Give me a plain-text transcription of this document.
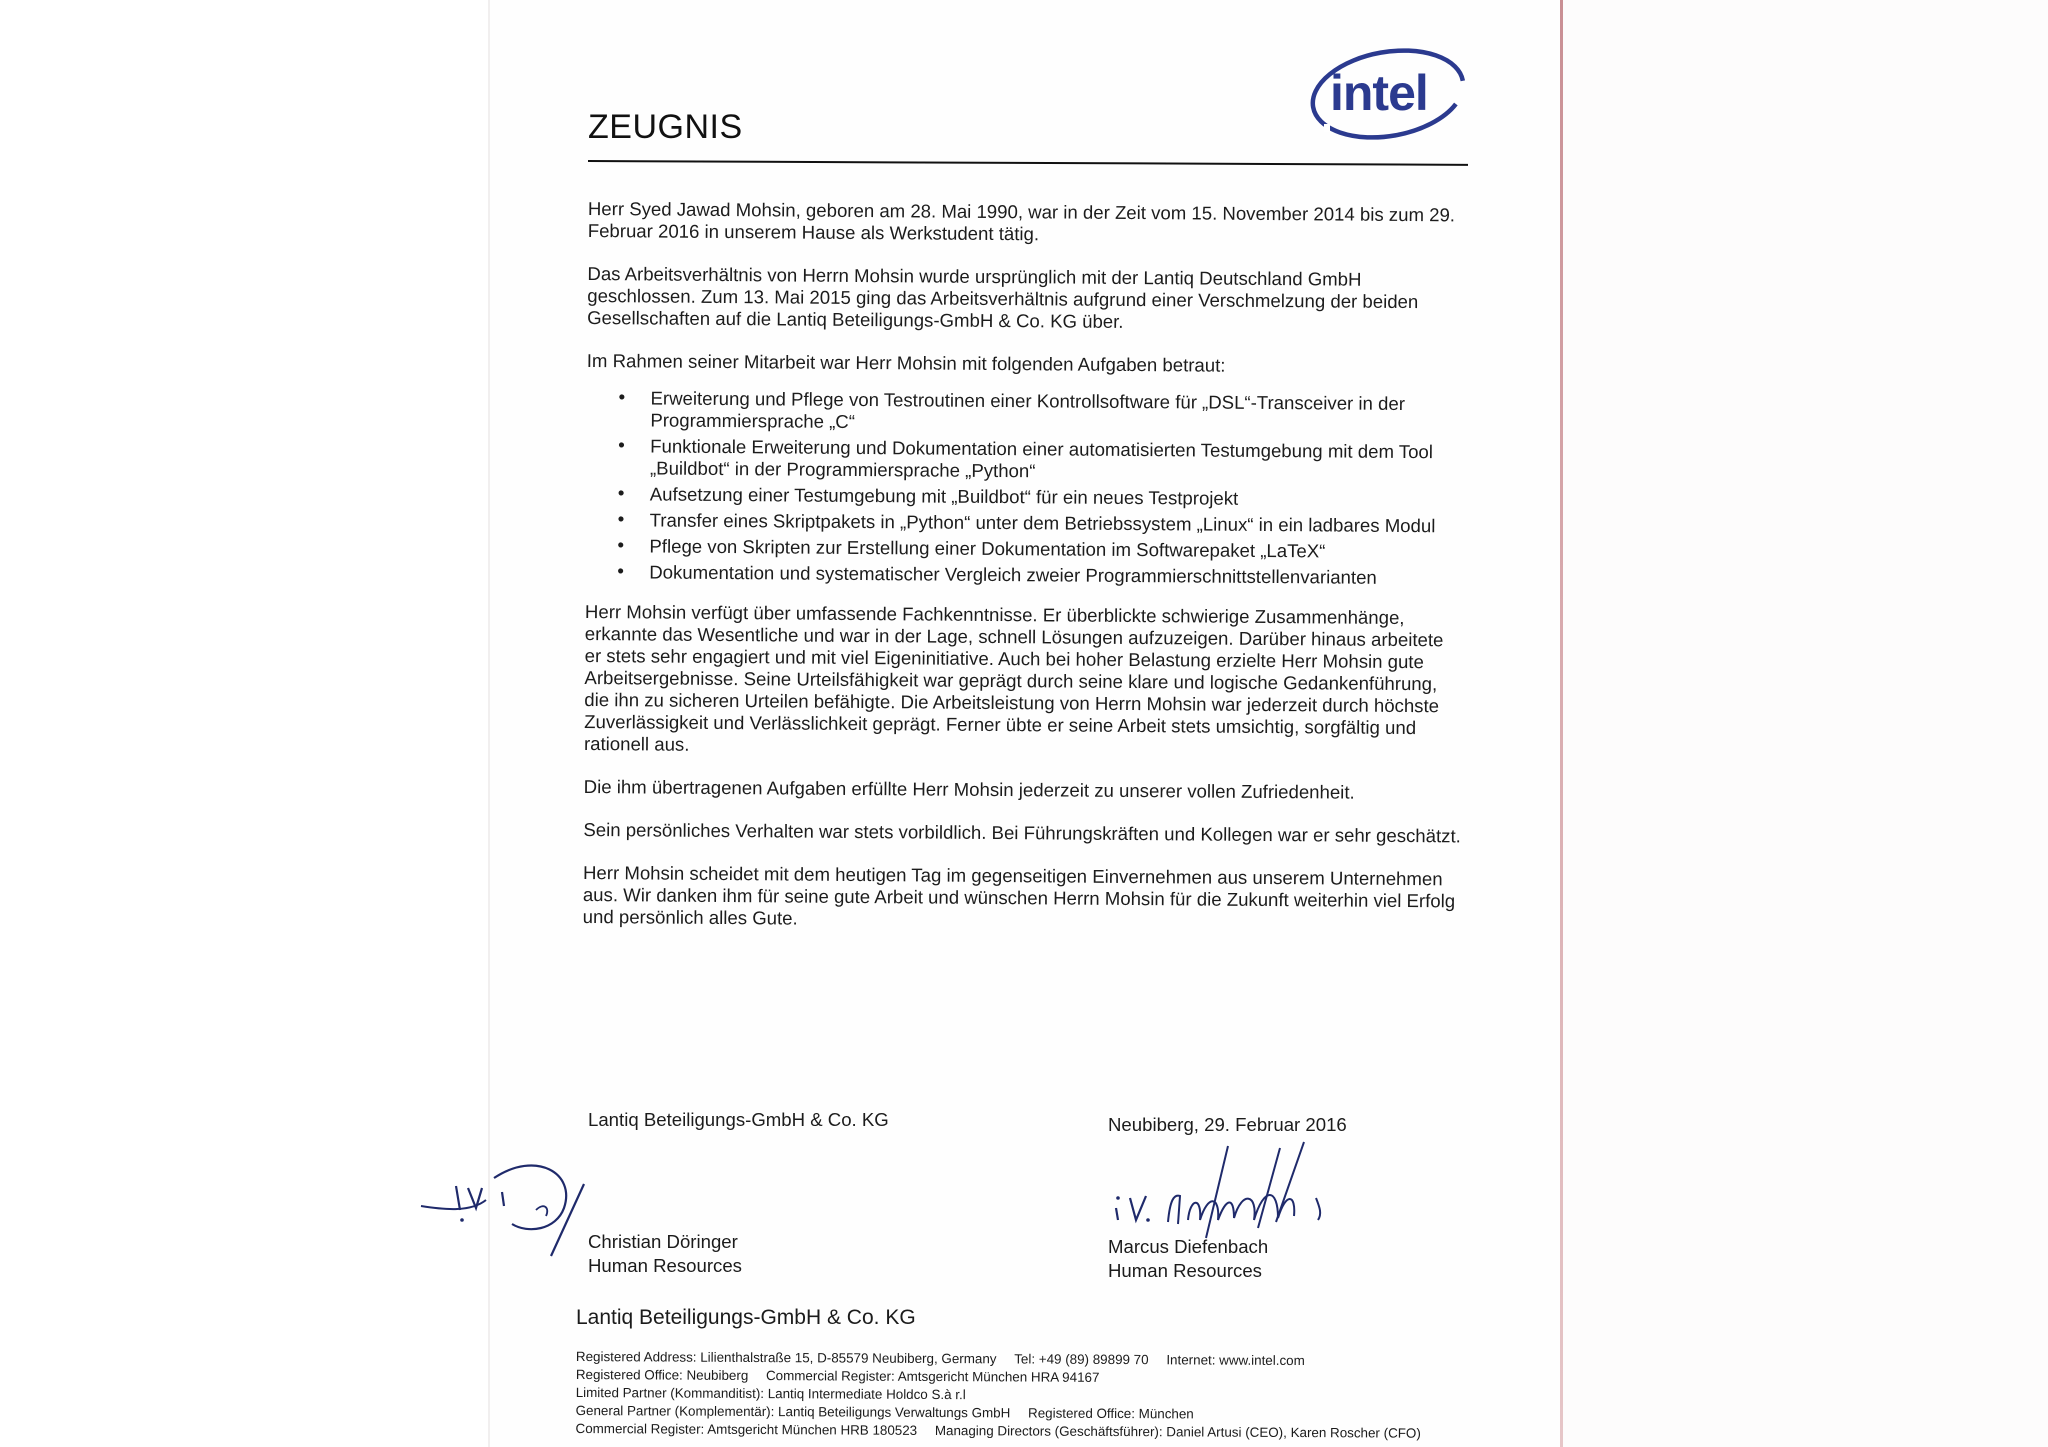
ZEUGNIS
intel

Herr Syed Jawad Mohsin, geboren am 28. Mai 1990, war in der Zeit vom 15. November 2014 bis zum 29. Februar 2016 in unserem Hause als Werkstudent tätig.

Das Arbeitsverhältnis von Herrn Mohsin wurde ursprünglich mit der Lantiq Deutschland GmbH geschlossen. Zum 13. Mai 2015 ging das Arbeitsverhältnis aufgrund einer Verschmelzung der beiden Gesellschaften auf die Lantiq Beteiligungs-GmbH & Co. KG über.

Im Rahmen seiner Mitarbeit war Herr Mohsin mit folgenden Aufgaben betraut:

• Erweiterung und Pflege von Testroutinen einer Kontrollsoftware für „DSL“-Transceiver in der Programmiersprache „C“
• Funktionale Erweiterung und Dokumentation einer automatisierten Testumgebung mit dem Tool „Buildbot“ in der Programmiersprache „Python“
• Aufsetzung einer Testumgebung mit „Buildbot“ für ein neues Testprojekt
• Transfer eines Skriptpakets in „Python“ unter dem Betriebssystem „Linux“ in ein ladbares Modul
• Pflege von Skripten zur Erstellung einer Dokumentation im Softwarepaket „LaTeX“
• Dokumentation und systematischer Vergleich zweier Programmierschnittstellenvarianten

Herr Mohsin verfügt über umfassende Fachkenntnisse. Er überblickte schwierige Zusammenhänge, erkannte das Wesentliche und war in der Lage, schnell Lösungen aufzuzeigen. Darüber hinaus arbeitete er stets sehr engagiert und mit viel Eigeninitiative. Auch bei hoher Belastung erzielte Herr Mohsin gute Arbeitsergebnisse. Seine Urteilsfähigkeit war geprägt durch seine klare und logische Gedankenführung, die ihn zu sicheren Urteilen befähigte. Die Arbeitsleistung von Herrn Mohsin war jederzeit durch höchste Zuverlässigkeit und Verlässlichkeit geprägt. Ferner übte er seine Arbeit stets umsichtig, sorgfältig und rationell aus.

Die ihm übertragenen Aufgaben erfüllte Herr Mohsin jederzeit zu unserer vollen Zufriedenheit.

Sein persönliches Verhalten war stets vorbildlich. Bei Führungskräften und Kollegen war er sehr geschätzt.

Herr Mohsin scheidet mit dem heutigen Tag im gegenseitigen Einvernehmen aus unserem Unternehmen aus. Wir danken ihm für seine gute Arbeit und wünschen Herrn Mohsin für die Zukunft weiterhin viel Erfolg und persönlich alles Gute.

Lantiq Beteiligungs-GmbH & Co. KG	Neubiberg, 29. Februar 2016
Christian Döringer
Human Resources
Marcus Diefenbach
Human Resources
Lantiq Beteiligungs-GmbH & Co. KG
Registered Address: Lilienthalstraße 15, D-85579 Neubiberg, Germany Tel: +49 (89) 89899 70 Internet: www.intel.com
Registered Office: Neubiberg Commercial Register: Amtsgericht München HRA 94167
Limited Partner (Kommanditist): Lantiq Intermediate Holdco S.à r.l
General Partner (Komplementär): Lantiq Beteiligungs Verwaltungs GmbH Registered Office: München
Commercial Register: Amtsgericht München HRB 180523 Managing Directors (Geschäftsführer): Daniel Artusi (CEO), Karen Roscher (CFO)
